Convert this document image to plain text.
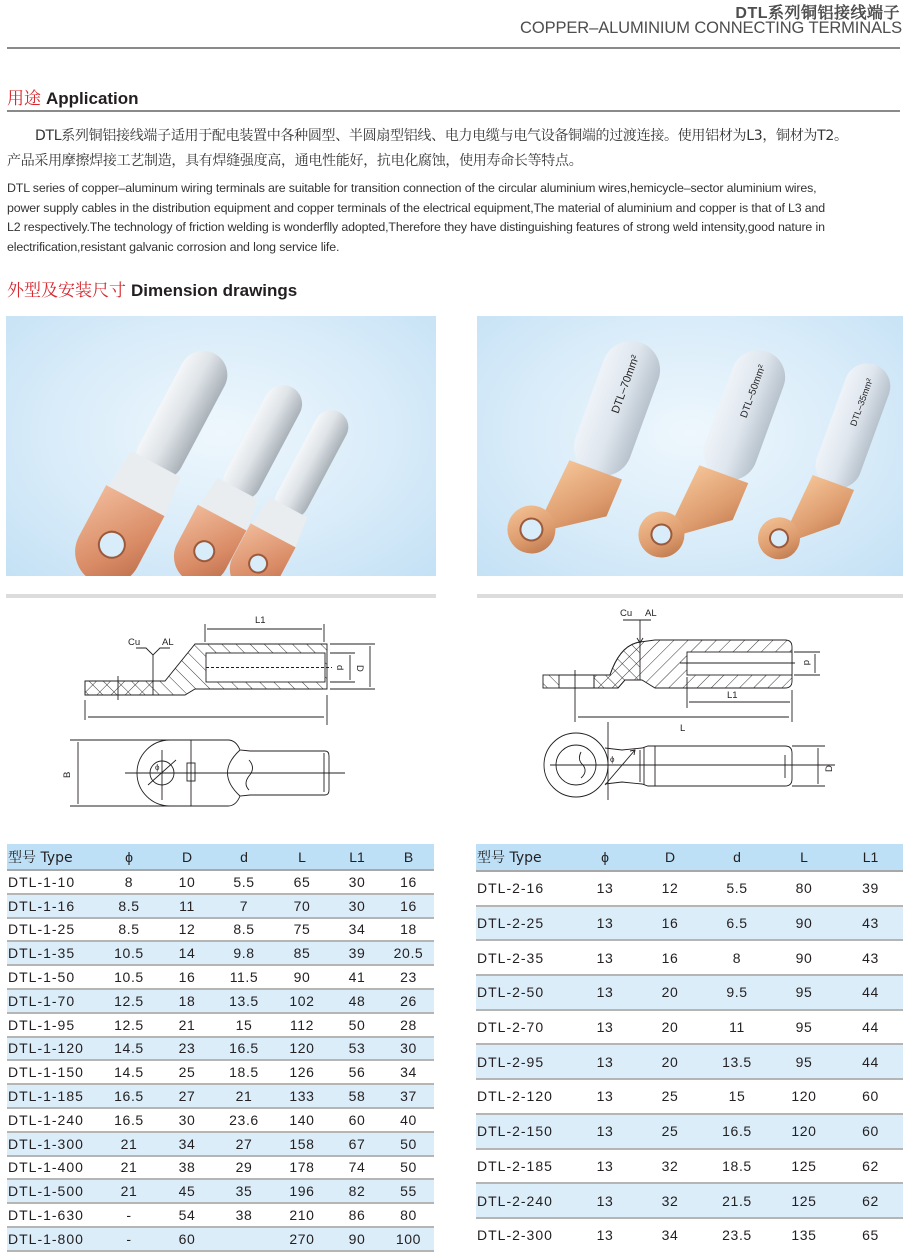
DTL系列铜铝接线端子
COPPER–ALUMINIUM CONNECTING TERMINALS
用途 Application

DTL系列铜铝接线端子适用于配电装置中各种圆型、半圆扇型铝线、电力电缆与电气设备铜端的过渡连接。使用铝材为L3，铜材为T2。

产品采用摩擦焊接工艺制造，具有焊缝强度高，通电性能好，抗电化腐蚀，使用寿命长等特点。

DTL series of copper–aluminum wiring terminals are suitable for transition connection of the circular aluminium wires,hemicycle–sector aluminium wires,

power supply cables in the distribution equipment and copper terminals of the electrical equipment,The material of aluminium and copper is that of L3 and

L2 respectively.The technology of friction welding is wonderflly adopted,Therefore they have distinguishing features of strong weld intensity,good nature in

electrification,resistant galvanic corrosion and long service life.

外型及安装尺寸 Dimension drawings
DTL–70mm²	DTL–50mm²	DTL–35mm²
Cu AL
L1
d D
B
ϕ
Cu AL
d
L1
L
ϕ
D
型号 Type	ϕ	D	d	L	L1	B
DTL-1-10	8	10	5.5	65	30	16
DTL-1-16	8.5	11	7	70	30	16
DTL-1-25	8.5	12	8.5	75	34	18
DTL-1-35	10.5	14	9.8	85	39	20.5
DTL-1-50	10.5	16	11.5	90	41	23
DTL-1-70	12.5	18	13.5	102	48	26
DTL-1-95	12.5	21	15	112	50	28
DTL-1-120	14.5	23	16.5	120	53	30
DTL-1-150	14.5	25	18.5	126	56	34
DTL-1-185	16.5	27	21	133	58	37
DTL-1-240	16.5	30	23.6	140	60	40
DTL-1-300	21	34	27	158	67	50
DTL-1-400	21	38	29	178	74	50
DTL-1-500	21	45	35	196	82	55
DTL-1-630	-	54	38	210	86	80
DTL-1-800	-	60		270	90	100
型号 Type	ϕ	D	d	L	L1
DTL-2-16	13	12	5.5	80	39
DTL-2-25	13	16	6.5	90	43
DTL-2-35	13	16	8	90	43
DTL-2-50	13	20	9.5	95	44
DTL-2-70	13	20	11	95	44
DTL-2-95	13	20	13.5	95	44
DTL-2-120	13	25	15	120	60
DTL-2-150	13	25	16.5	120	60
DTL-2-185	13	32	18.5	125	62
DTL-2-240	13	32	21.5	125	62
DTL-2-300	13	34	23.5	135	65
